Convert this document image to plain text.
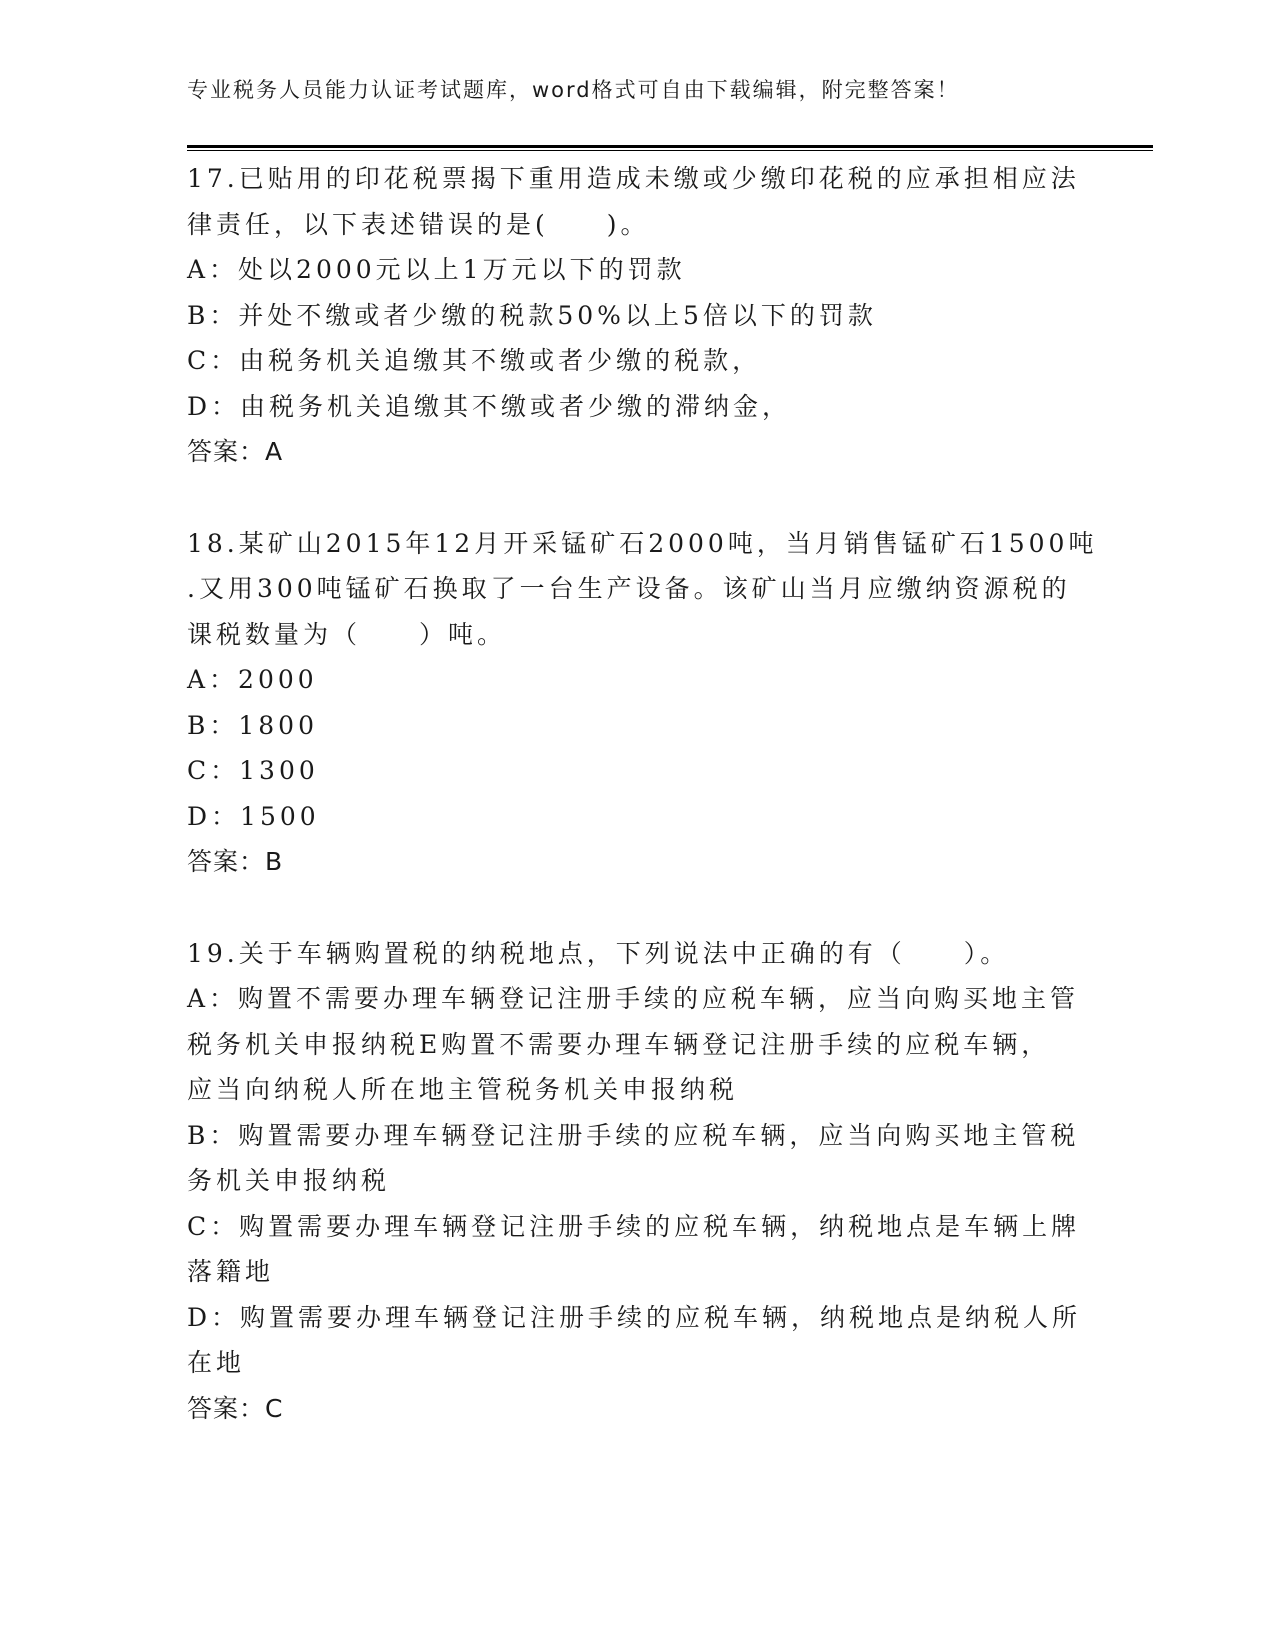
专业税务人员能力认证考试题库，word格式可自由下载编辑，附完整答案！
17.已贴用的印花税票揭下重用造成未缴或少缴印花税的应承担相应法
律责任，以下表述错误的是(　　)。
A：处以2000元以上1万元以下的罚款
B：并处不缴或者少缴的税款50%以上5倍以下的罚款
C：由税务机关追缴其不缴或者少缴的税款，
D：由税务机关追缴其不缴或者少缴的滞纳金，
答案：A
18.某矿山2015年12月开采锰矿石2000吨，当月销售锰矿石1500吨
.又用300吨锰矿石换取了一台生产设备。该矿山当月应缴纳资源税的
课税数量为（　　）吨。
A：2000
B：1800
C：1300
D：1500
答案：B
19.关于车辆购置税的纳税地点，下列说法中正确的有（　　）。
A：购置不需要办理车辆登记注册手续的应税车辆，应当向购买地主管
税务机关申报纳税E购置不需要办理车辆登记注册手续的应税车辆，
应当向纳税人所在地主管税务机关申报纳税
B：购置需要办理车辆登记注册手续的应税车辆，应当向购买地主管税
务机关申报纳税
C：购置需要办理车辆登记注册手续的应税车辆，纳税地点是车辆上牌
落籍地
D：购置需要办理车辆登记注册手续的应税车辆，纳税地点是纳税人所
在地
答案：C
